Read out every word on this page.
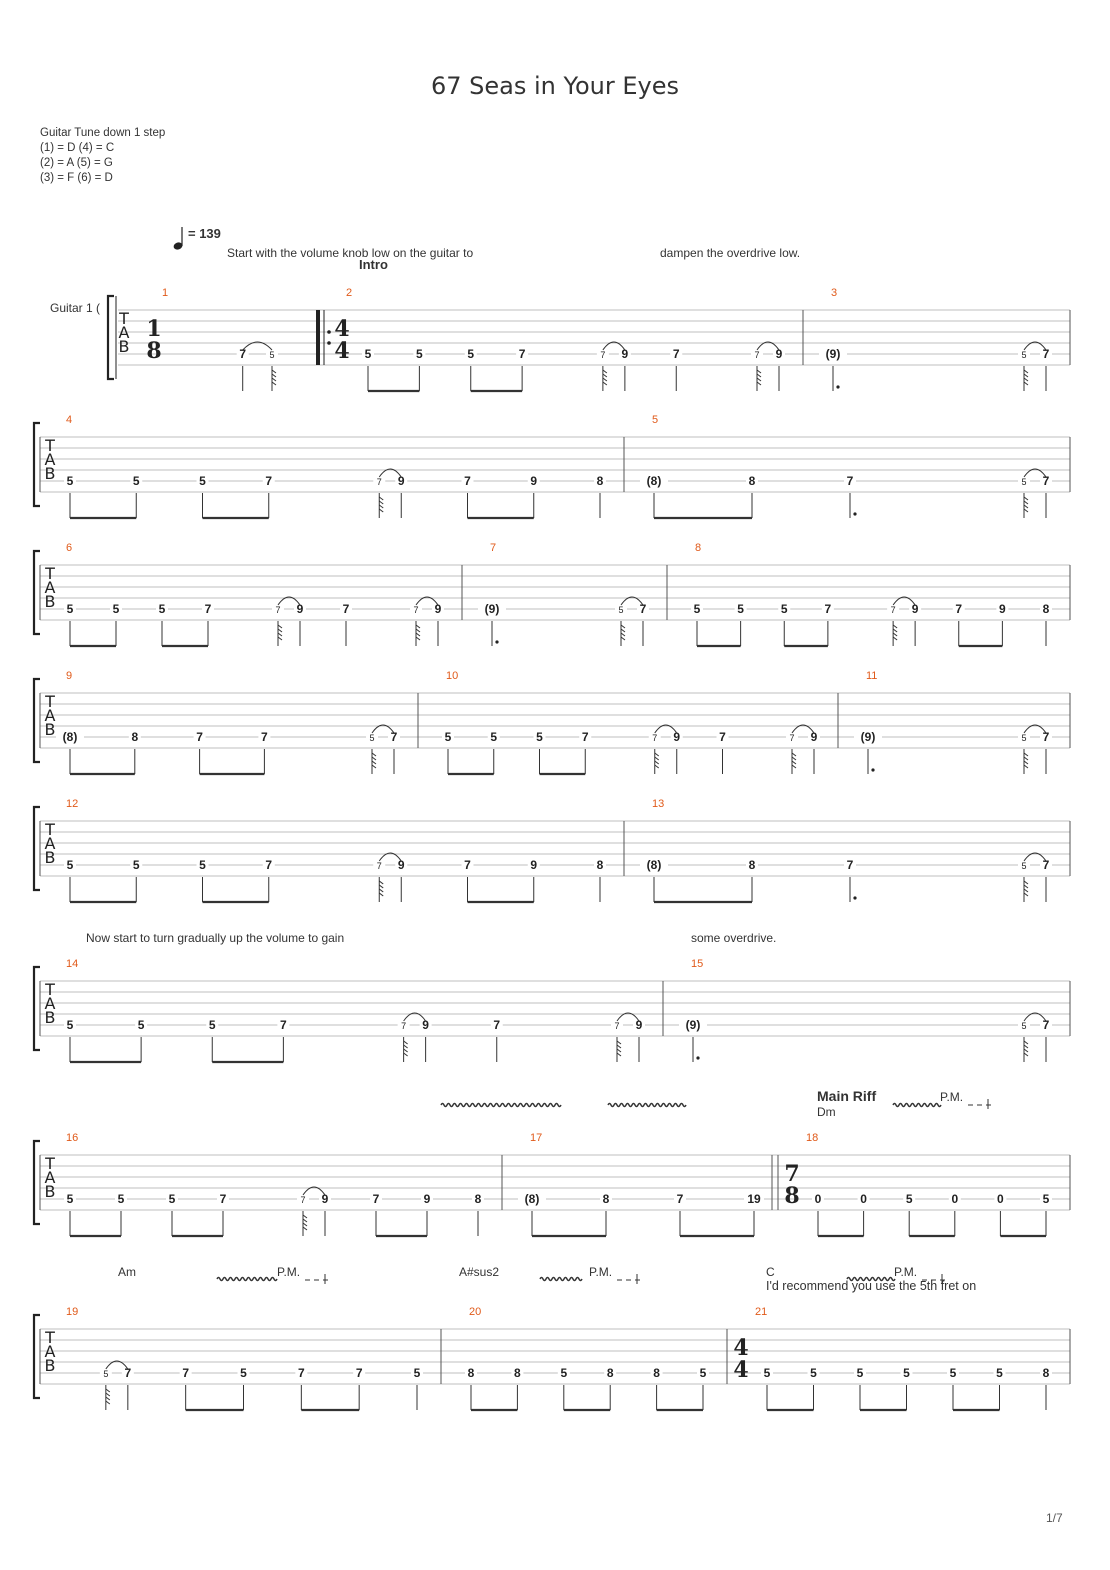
67 Seas in Your Eyes
Guitar Tune down 1 step
(1) = D (4) = C
(2) = A (5) = G
(3) = F (6) = D
T
A
B
1
1
8	5
7
2
4
4 5	5	5	7	7 9	7	7 9
3
(9)	5 7
T
A
B
4
5	5	5	7	7 9	7	9	8
5
(8)	8	7	5 7
T
A
B
6
5	5	5	7	7 9	7	7 9
7
(9)	5 7
8
5	5	5	7	7 9	7	9	8
T
A
B
9
(8)	8	7	7	5 7
10
5	5	5	7	7 9	7	7 9
11
(9)	5 7
T
A
B
12
5	5	5	7	7 9	7	9	8
13
(8)	8	7	5 7
T
A
B
14
5	5	5	7	7 9	7	7 9
15
(9)	5 7
T
A
B
16
5	5	5	7	7 9	7	9	8
17
(8)	8	7	19
18
7
8 0	0	5	0	0	5
T
A
B
19
5 7	7	5	7	7	5
20
8	8	5	8	8	5
21
4
4 5	5	5	5	5	5	8
= 139
Start with the volume knob low on the guitar to	dampen the overdrive low.
Intro
Guitar 1 (
Now start to turn gradually up the volume to gain	some overdrive.
Main Riff
Dm
Am	A#sus2	C
I'd recommend you use the 5th fret on
P.M.
P.M.	P.M.	P.M.
1/7
